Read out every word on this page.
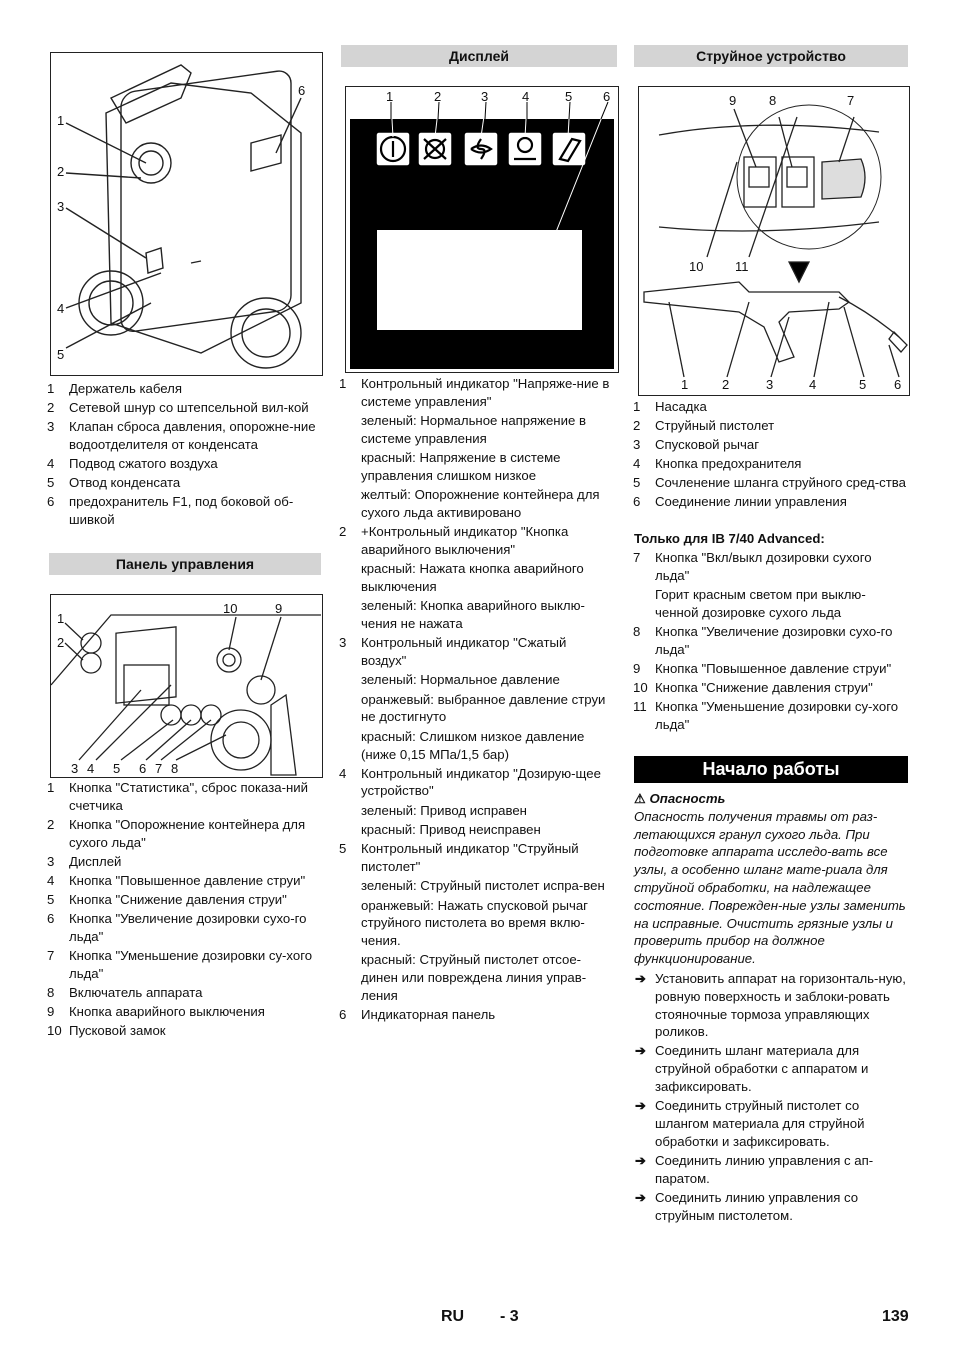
1
2
3
4
5
6
1 Держатель кабеля
2 Сетевой шнур со штепсельной вил-кой
3 Клапан сброса давления, опорожне-ние водоотделителя от конденсата
4 Подвод сжатого воздуха
5 Отвод конденсата
6 предохранитель F1, под боковой об-шивкой
Панель управления
1
2
10	9
3 4 5 6 7 8
1 Кнопка "Статистика", сброс показа-ний счетчика
2 Кнопка "Опорожнение контейнера для сухого льда"
3 Дисплей
4 Кнопка "Повышенное давление струи"
5 Кнопка "Снижение давления струи"
6 Кнопка "Увеличение дозировки сухо-го льда"
7 Кнопка "Уменьшение дозировки су-хого льда"
8 Включатель аппарата
9 Кнопка аварийного выключения
10 Пусковой замок
Дисплей
1	2	3	4	5 6
1 Контрольный индикатор "Напряже-ние в системе управления"
зеленый: Нормальное напряжение в системе управления
красный: Напряжение в системе управления слишком низкое
желтый: Опорожнение контейнера для сухого льда активировано
2 +Контрольный индикатор "Кнопка аварийного выключения"
красный: Нажата кнопка аварийного выключения
зеленый: Кнопка аварийного выклю-чения не нажата
3 Контрольный индикатор "Сжатый воздух"
зеленый: Нормальное давление
оранжевый: выбранное давление струи не достигнуто
красный: Слишком низкое давление (ниже 0,15 МПа/1,5 бар)
4 Контрольный индикатор "Дозирую-щее устройство"
зеленый: Привод исправен
красный: Привод неисправен
5 Контрольный индикатор "Струйный пистолет"
зеленый: Струйный пистолет испра-вен
оранжевый: Нажать спусковой рычаг струйного пистолета во время вклю-чения.
красный: Струйный пистолет отсое-динен или повреждена линия управ-ления
6 Индикаторная панель
Струйное устройство
9	8	7
10 11
1	2	3	4	5 6
1 Насадка
2 Струйный пистолет
3 Спусковой рычаг
4 Кнопка предохранителя
5 Сочленение шланга струйного сред-ства
6 Соединение линии управления
Только для IB 7/40 Advanced:
7 Кнопка "Вкл/выкл дозировки сухого льда"
Горит красным светом при выклю-ченной дозировке сухого льда
8 Кнопка "Увеличение дозировки сухо-го льда"
9 Кнопка "Повышенное давление струи"
10 Кнопка "Снижение давления струи"
11 Кнопка "Уменьшение дозировки су-хого льда"
Начало работы
⚠ Опасность
Опасность получения травмы от раз-летающихся гранул сухого льда. При подготовке аппарата исследо-вать все узлы, а особенно шланг мате-риала для струйной обработки, на надлежащее состояние. Поврежден-ные узлы заменить на исправные. Очистить грязные узлы и проверить прибор на должное функционирование.
➔ Установить аппарат на горизонталь-ную, ровную поверхность и заблоки-ровать стояночные тормоза управляющих роликов.
➔ Соединить шланг материала для струйной обработки с аппаратом и зафиксировать.
➔ Соединить струйный пистолет со шлангом материала для струйной обработки и зафиксировать.
➔ Соединить линию управления с ап-паратом.
➔ Соединить линию управления со струйным пистолетом.
RU - 3	139
